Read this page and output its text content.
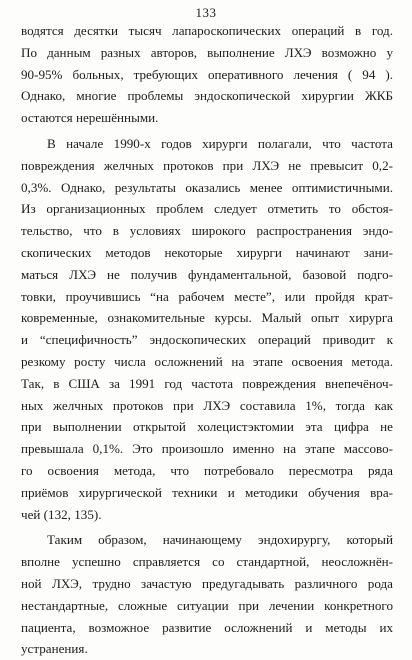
133
водятся десятки тысяч лапароскопических операций в год.
По данным разных авторов, выполнение ЛХЭ возможно у
90-95% больных, требующих оперативного лечения ( 94 ).
Однако, многие проблемы эндоскопической хирургии ЖКБ
остаются нерешёнными.
В начале 1990-х годов хирурги полагали, что частота
повреждения желчных протоков при ЛХЭ не превысит 0,2-
0,3%. Однако, результаты оказались менее оптимистичными.
Из организационных проблем следует отметить то обстоя-
тельство, что в условиях широкого распространения эндо-
скопических методов некоторые хирурги начинают зани-
маться ЛХЭ не получив фундаментальной, базовой подго-
товки, проучившись “на рабочем месте”, или пройдя крат-
ковременные, ознакомительные курсы. Малый опыт хирурга
и “специфичность” эндоскопических операций приводит к
резкому росту числа осложнений на этапе освоения метода.
Так, в США за 1991 год частота повреждения внепечёноч-
ных желчных протоков при ЛХЭ составила 1%, тогда как
при выполнении открытой холецистэктомии эта цифра не
превышала 0,1%. Это произошло именно на этапе массово-
го освоения метода, что потребовало пересмотра ряда
приёмов хирургической техники и методики обучения вра-
чей (132, 135).
Таким образом, начинающему эндохирургу, который
вполне успешно справляется со стандартной, неосложнён-
ной ЛХЭ, трудно зачастую предугадывать различного рода
нестандартные, сложные ситуации при лечении конкретного
пациента, возможное развитие осложнений и методы их
устранения.
